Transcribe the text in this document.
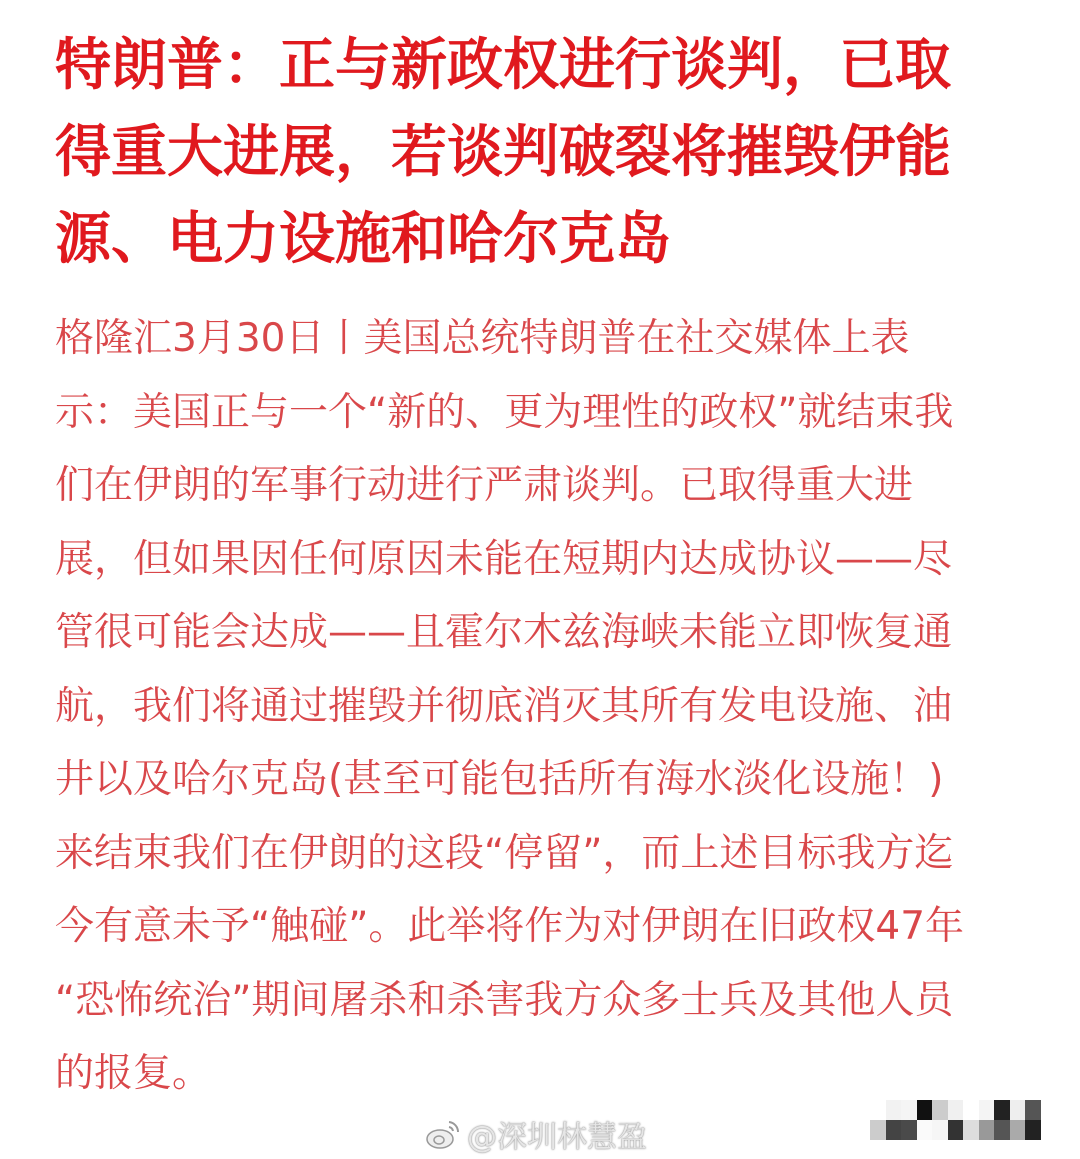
特朗普：正与新政权进行谈判，已取
得重大进展，若谈判破裂将摧毁伊能
源、电力设施和哈尔克岛
格隆汇3月30日丨美国总统特朗普在社交媒体上表
示：美国正与一个“新的、更为理性的政权”就结束我
们在伊朗的军事行动进行严肃谈判。已取得重大进
展，但如果因任何原因未能在短期内达成协议——尽
管很可能会达成——且霍尔木兹海峡未能立即恢复通
航，我们将通过摧毁并彻底消灭其所有发电设施、油
井以及哈尔克岛(甚至可能包括所有海水淡化设施！)
来结束我们在伊朗的这段“停留”，而上述目标我方迄
今有意未予“触碰”。此举将作为对伊朗在旧政权47年
“恐怖统治”期间屠杀和杀害我方众多士兵及其他人员
的报复。
@深圳林慧盈
